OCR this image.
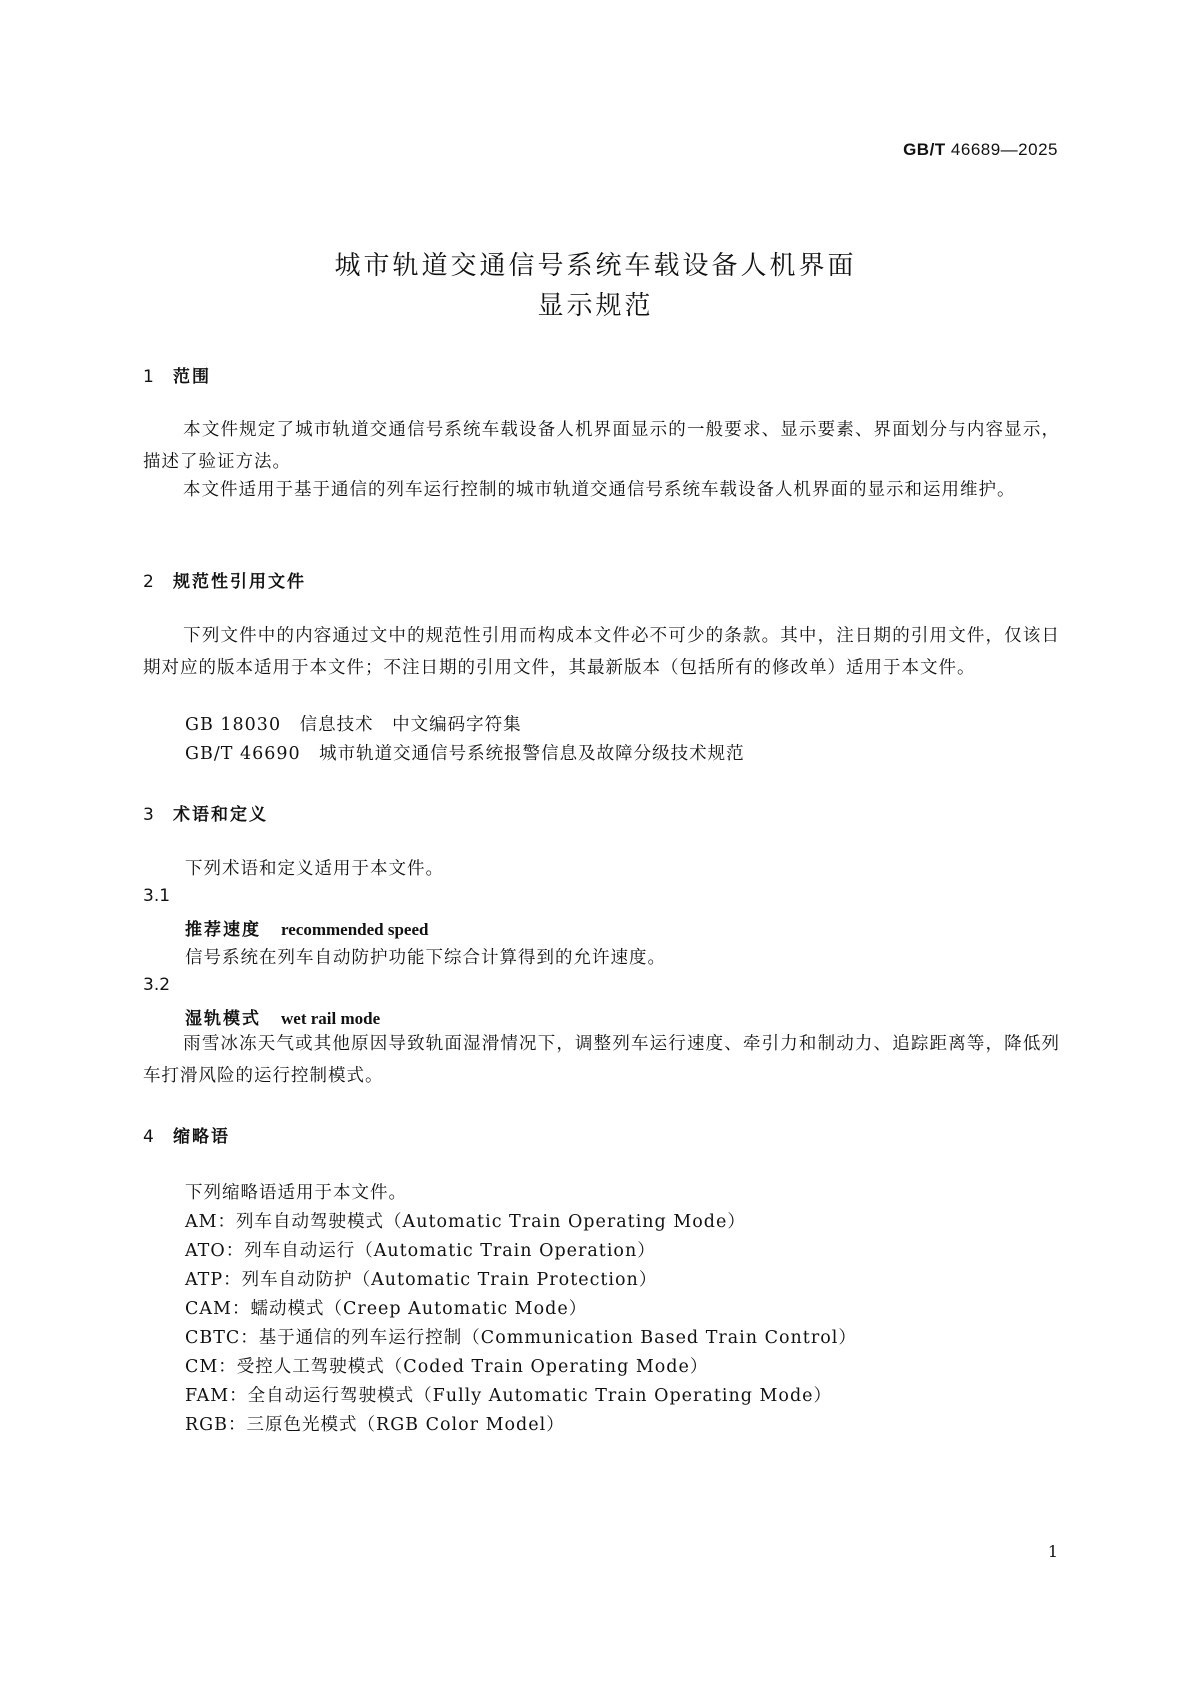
GB/T 46689—2025
城市轨道交通信号系统车载设备人机界面
显示规范
1 范围
本文件规定了城市轨道交通信号系统车载设备人机界面显示的一般要求、显示要素、界面划分与内容显示，描述了验证方法。
本文件适用于基于通信的列车运行控制的城市轨道交通信号系统车载设备人机界面的显示和运用维护。
2 规范性引用文件
下列文件中的内容通过文中的规范性引用而构成本文件必不可少的条款。其中，注日期的引用文件，仅该日期对应的版本适用于本文件；不注日期的引用文件，其最新版本（包括所有的修改单）适用于本文件。
GB 18030　信息技术　中文编码字符集
GB/T 46690　城市轨道交通信号系统报警信息及故障分级技术规范
3 术语和定义
下列术语和定义适用于本文件。
3.1
推荐速度 recommended speed
信号系统在列车自动防护功能下综合计算得到的允许速度。
3.2
湿轨模式 wet rail mode
雨雪冰冻天气或其他原因导致轨面湿滑情况下，调整列车运行速度、牵引力和制动力、追踪距离等，降低列车打滑风险的运行控制模式。
4 缩略语
下列缩略语适用于本文件。
AM：列车自动驾驶模式（Automatic Train Operating Mode）
ATO：列车自动运行（Automatic Train Operation）
ATP：列车自动防护（Automatic Train Protection）
CAM：蠕动模式（Creep Automatic Mode）
CBTC：基于通信的列车运行控制（Communication Based Train Control）
CM：受控人工驾驶模式（Coded Train Operating Mode）
FAM：全自动运行驾驶模式（Fully Automatic Train Operating Mode）
RGB：三原色光模式（RGB Color Model）
1
